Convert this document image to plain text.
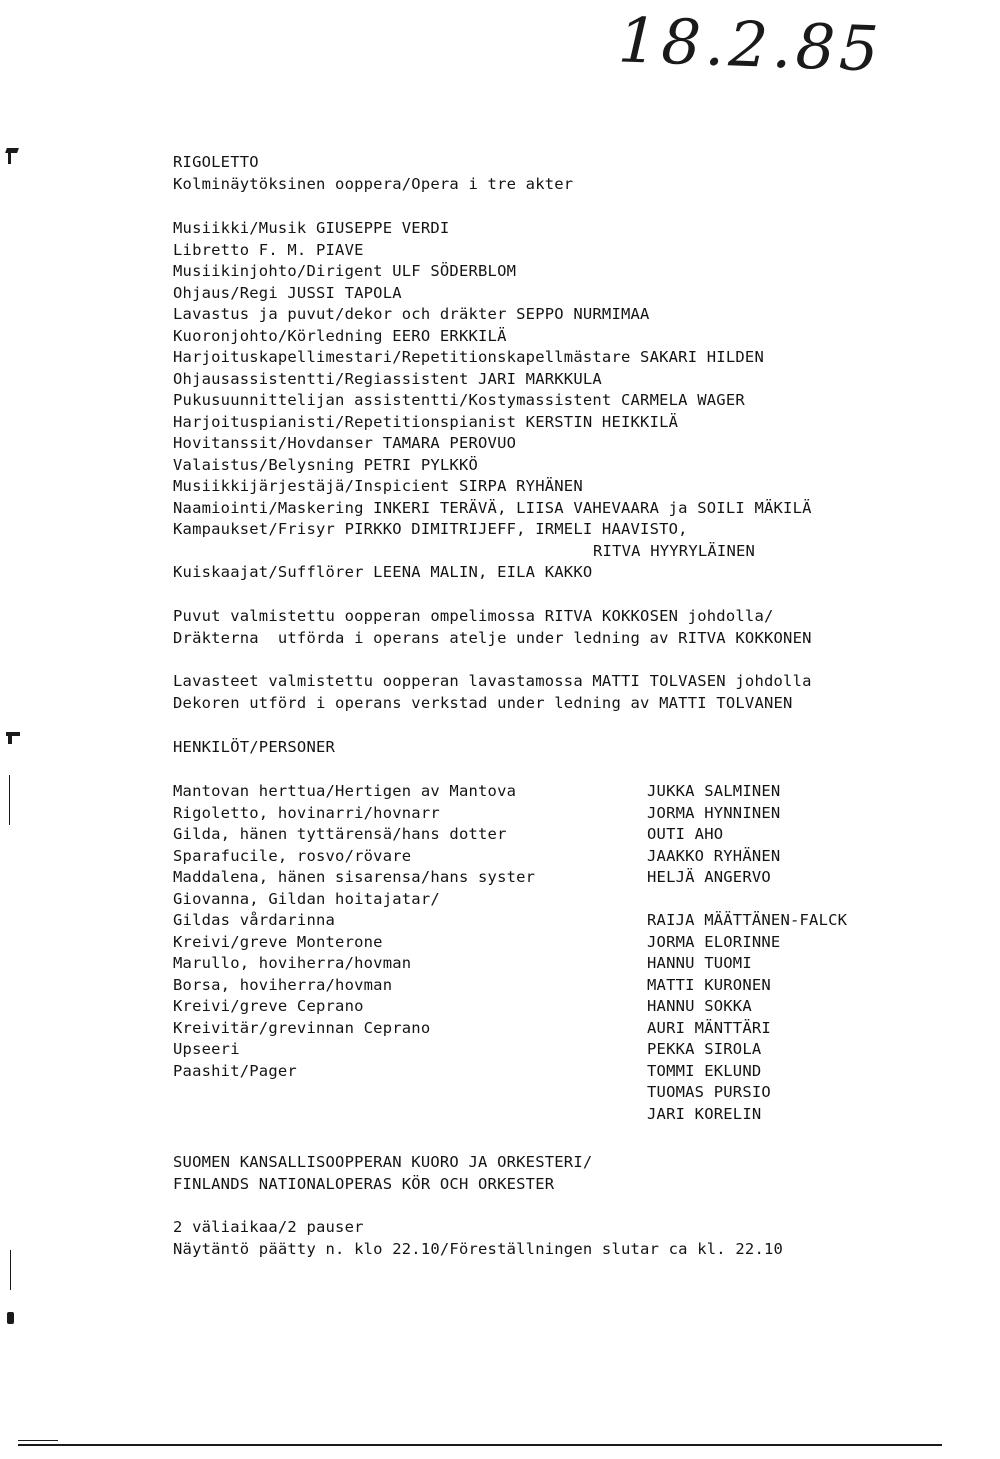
18.2.85
RIGOLETTO
Kolminäytöksinen ooppera/Opera i tre akter
Musiikki/Musik GIUSEPPE VERDI
Libretto F. M. PIAVE
Musiikinjohto/Dirigent ULF SÖDERBLOM
Ohjaus/Regi JUSSI TAPOLA
Lavastus ja puvut/dekor och dräkter SEPPO NURMIMAA
Kuoronjohto/Körledning EERO ERKKILÄ
Harjoituskapellimestari/Repetitionskapellmästare SAKARI HILDEN
Ohjausassistentti/Regiassistent JARI MARKKULA
Pukusuunnittelijan assistentti/Kostymassistent CARMELA WAGER
Harjoituspianisti/Repetitionspianist KERSTIN HEIKKILÄ
Hovitanssit/Hovdanser TAMARA PEROVUO
Valaistus/Belysning PETRI PYLKKÖ
Musiikkijärjestäjä/Inspicient SIRPA RYHÄNEN
Naamiointi/Maskering INKERI TERÄVÄ, LIISA VAHEVAARA ja SOILI MÄKILÄ
Kampaukset/Frisyr PIRKKO DIMITRIJEFF, IRMELI HAAVISTO,
RITVA HYYRYLÄINEN
Kuiskaajat/Sufflörer LEENA MALIN, EILA KAKKO
Puvut valmistettu oopperan ompelimossa RITVA KOKKOSEN johdolla/
Dräkterna  utförda i operans atelje under ledning av RITVA KOKKONEN
Lavasteet valmistettu oopperan lavastamossa MATTI TOLVASEN johdolla
Dekoren utförd i operans verkstad under ledning av MATTI TOLVANEN
HENKILÖT/PERSONER
Mantovan herttua/Hertigen av Mantova
Rigoletto, hovinarri/hovnarr
Gilda, hänen tyttärensä/hans dotter
Sparafucile, rosvo/rövare
Maddalena, hänen sisarensa/hans syster
Giovanna, Gildan hoitajatar/
Gildas vårdarinna
Kreivi/greve Monterone
Marullo, hoviherra/hovman
Borsa, hoviherra/hovman
Kreivi/greve Ceprano
Kreivitär/grevinnan Ceprano
Upseeri
Paashit/Pager
JUKKA SALMINEN
JORMA HYNNINEN
OUTI AHO
JAAKKO RYHÄNEN
HELJÄ ANGERVO
RAIJA MÄÄTTÄNEN-FALCK
JORMA ELORINNE
HANNU TUOMI
MATTI KURONEN
HANNU SOKKA
AURI MÄNTTÄRI
PEKKA SIROLA
TOMMI EKLUND
TUOMAS PURSIO
JARI KORELIN
SUOMEN KANSALLISOOPPERAN KUORO JA ORKESTERI/
FINLANDS NATIONALOPERAS KÖR OCH ORKESTER
2 väliaikaa/2 pauser
Näytäntö päätty n. klo 22.10/Föreställningen slutar ca kl. 22.10
